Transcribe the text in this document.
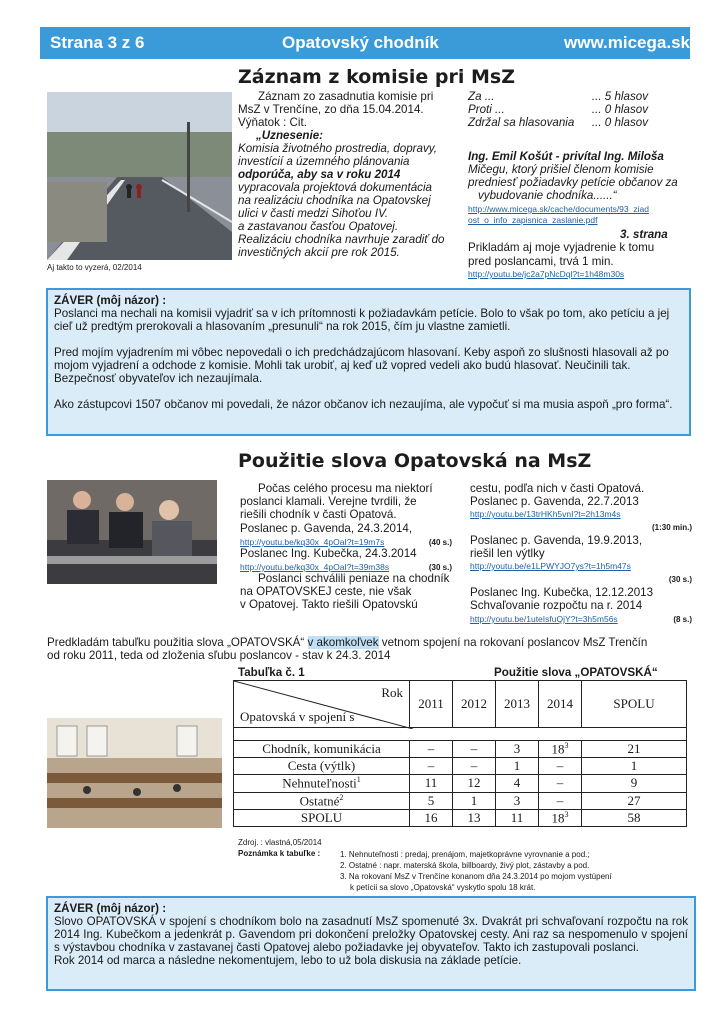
Strana 3 z 6	Opatovský chodník	www.micega.sk
Záznam z komisie pri MsZ
Aj takto to vyzerá, 02/2014
Záznam zo zasadnutia komisie pri
MsZ v Trenčíne, zo dňa 15.04.2014.
Výňatok : Cit.
„Uznesenie:
Komisia životného prostredia, dopravy,
investícií a územného plánovania
odporúča, aby sa v roku 2014
vypracovala projektová dokumentácia
na realizáciu chodníka na Opatovskej
ulici v časti medzi Sihoťou IV.
a zastavanou časťou Opatovej.
Realizáciu chodníka navrhuje zaradiť do
investičných akcií pre rok 2015.
Za ...	... 5 hlasov
Proti ...	... 0 hlasov
Zdržal sa hlasovania ... 0 hlasov
Ing. Emil Košút - privítal Ing. Miloša
Mičegu, ktorý prišiel členom komisie
predniesť požiadavky petície občanov za
vybudovanie chodníka......“
http://www.micega.sk/cache/documents/93_ziad
ost_o_info_zapisnica_zaslanie.pdf
3. strana
Prikladám aj moje vyjadrenie k tomu
pred poslancami, trvá 1 min.
http://youtu.be/jc2a7pNcDql?t=1h48m30s

ZÁVER (môj názor) :

Poslanci ma nechali na komisii vyjadriť sa v ich prítomnosti k požiadavkám petície. Bolo to však po tom, ako petíciu a jej cieľ už predtým prerokovali a hlasovaním „presunuli“ na rok 2015, čím ju vlastne zamietli.

Pred mojím vyjadrením mi vôbec nepovedali o ich predchádzajúcom hlasovaní. Keby aspoň zo slušnosti hlasovali až po mojom vyjadrení a odchode z komisie. Mohli tak urobiť, aj keď už vopred vedeli ako budú hlasovať. Neučinili tak. Bezpečnosť obyvateľov ich nezaujímala.

Ako zástupcovi 1507 občanov mi povedali, že názor občanov ich nezaujíma, ale vypočuť si ma musia aspoň „pro forma“.

Použitie slova Opatovská na MsZ
Počas celého procesu ma niektorí
poslanci klamali. Verejne tvrdili, že
riešili chodník v časti Opatová.
Poslanec p. Gavenda, 24.3.2014,
http://youtu.be/kq30x_4pOaI?t=19m7s	(40 s.)
Poslanec Ing. Kubečka, 24.3.2014
http://youtu.be/kq30x_4pOaI?t=39m38s	(30 s.)
Poslanci schválili peniaze na chodník
na OPATOVSKEJ ceste, nie však
v Opatovej. Takto riešili Opatovskú
cestu, podľa nich v časti Opatová.
Poslanec p. Gavenda, 22.7.2013
http://youtu.be/13trHKh5vnI?t=2h13m4s
(1:30 min.)
Poslanec p. Gavenda, 19.9.2013,
riešil len výtlky
http://youtu.be/e1LPWYJO7ys?t=1h5m47s
(30 s.)
Poslanec Ing. Kubečka, 12.12.2013
Schvaľovanie rozpočtu na r. 2014
http://youtu.be/1uteIsfuQjY?t=3h5m56s	(8 s.)
Predkladám tabuľku použitia slova „OPATOVSKÁ“ v akomkoľvek vetnom spojení na rokovaní poslancov MsZ Trenčín
od roku 2011, teda od zloženia sľubu poslancov - stav k 24.3. 2014
Tabuľka č. 1	Použitie slova „OPATOVSKÁ“
Rok
Opatovská v spojení s	2011	2012	2013	2014	SPOLU

Chodník, komunikácia	–	–	3	$18^3$	21
Cesta (výtlk)	–	–	1	–	1
Nehnuteľnosti$^1$	11	12	4	–	9
Ostatné$^2$	5	1	3	–	27
SPOLU	16	13	11	$18^3$	58
Zdroj. : vlastná,05/2014
Poznámka k tabuľke : 1. Nehnuteľnosti : predaj, prenájom, majetkoprávne vyrovnanie a pod.;
2. Ostatné : napr. materská škola, billboardy, živý plot, zástavby a pod.
3. Na rokovaní MsZ v Trenčíne konanom dňa 24.3.2014 po mojom vystúpení
k petícii sa slovo „Opatovská“ vyskytlo spolu 18 krát.

ZÁVER (môj názor) :

Slovo OPATOVSKÁ v spojení s chodníkom bolo na zasadnutí MsZ spomenuté 3x. Dvakrát pri schvaľovaní rozpočtu na rok 2014 Ing. Kubečkom a jedenkrát p. Gavendom pri dokončení preložky Opatovskej cesty. Ani raz sa nespomenulo v spojení s výstavbou chodníka v zastavanej časti Opatovej alebo požiadavke jej obyvateľov. Takto ich zastupovali poslanci.

Rok 2014 od marca a následne nekomentujem, lebo to už bola diskusia na základe petície.
